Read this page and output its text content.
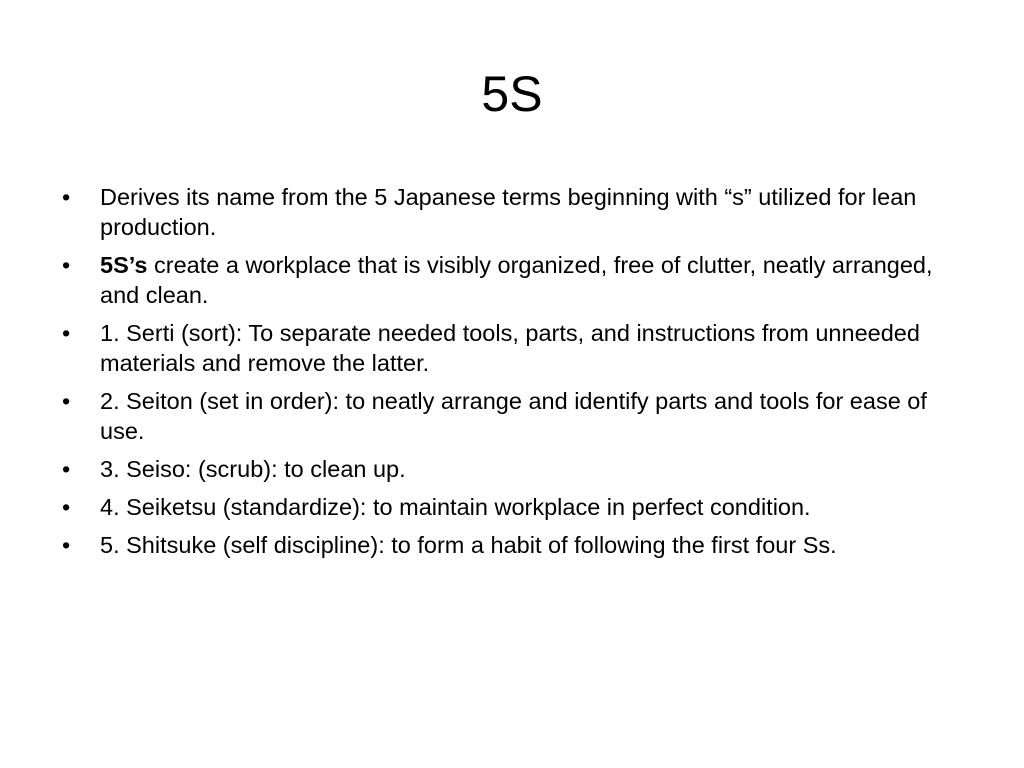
5S
•	Derives its name from the 5 Japanese terms beginning with “s” utilized for lean production.
•	5S’s create a workplace that is visibly organized, free of clutter, neatly arranged, and clean.
•	1. Serti (sort): To separate needed tools, parts, and instructions from unneeded materials and remove the latter.
•	2. Seiton (set in order): to neatly arrange and identify parts and tools for ease of use.
•	3. Seiso: (scrub): to clean up.
•	4. Seiketsu (standardize): to maintain workplace in perfect condition.
•	5. Shitsuke (self discipline): to form a habit of following the first four Ss.
